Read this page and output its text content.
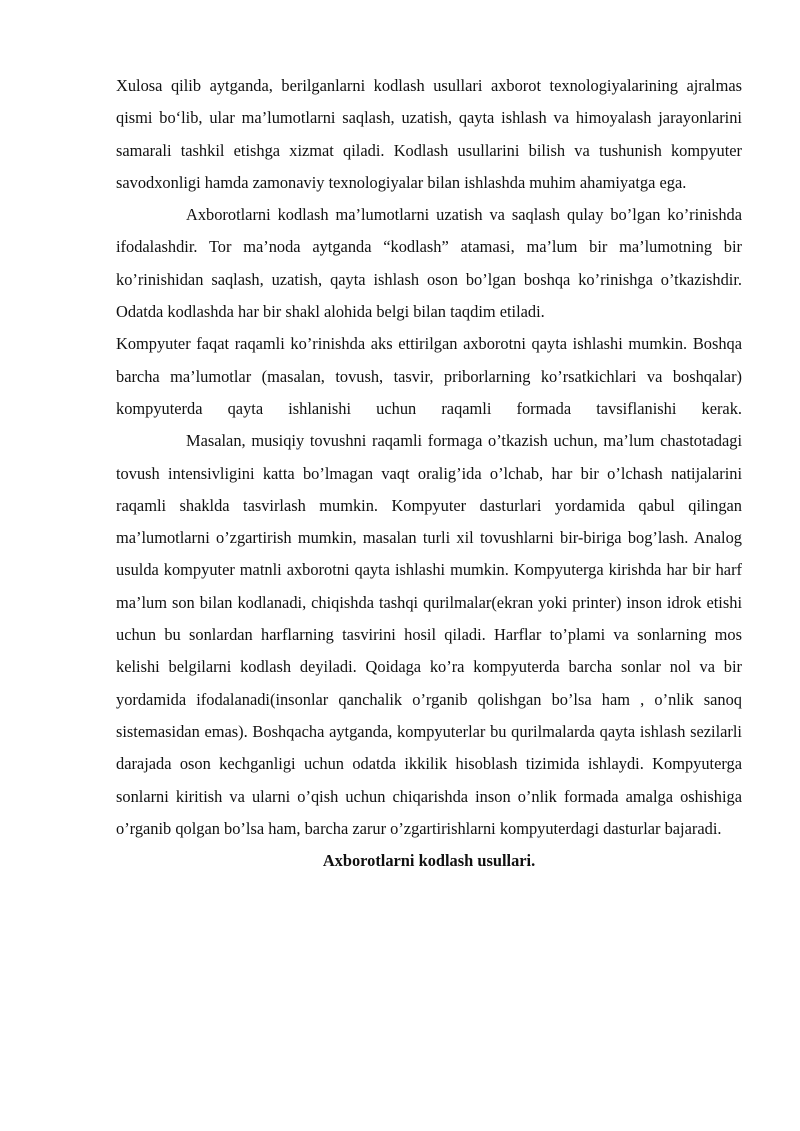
Xulosa qilib aytganda, berilganlarni kodlash usullari axborot texnologiyalarining ajralmas qismi bo‘lib, ular ma’lumotlarni saqlash, uzatish, qayta ishlash va himoyalash jarayonlarini samarali tashkil etishga xizmat qiladi. Kodlash usullarini bilish va tushunish kompyuter savodxonligi hamda zamonaviy texnologiyalar bilan ishlashda muhim ahamiyatga ega.

Axborotlarni kodlash ma’lumotlarni uzatish va saqlash qulay bo’lgan ko’rinishda ifodalashdir. Tor ma’noda aytganda “kodlash” atamasi, ma’lum bir ma’lumotning bir ko’rinishidan saqlash, uzatish, qayta ishlash oson bo’lgan boshqa ko’rinishga o’tkazishdir. Odatda kodlashda har bir shakl alohida belgi bilan taqdim etiladi.

Kompyuter faqat raqamli ko’rinishda aks ettirilgan axborotni qayta ishlashi mumkin. Boshqa barcha ma’lumotlar (masalan, tovush, tasvir, priborlarning ko’rsatkichlari va boshqalar) kompyuterda qayta ishlanishi uchun raqamli formada tavsiflanishi kerak.

Masalan, musiqiy tovushni raqamli formaga o’tkazish uchun, ma’lum chastotadagi tovush intensivligini katta bo’lmagan vaqt oralig’ida o’lchab, har bir o’lchash natijalarini raqamli shaklda tasvirlash mumkin. Kompyuter dasturlari yordamida qabul qilingan ma’lumotlarni o’zgartirish mumkin, masalan turli xil tovushlarni bir-biriga bog’lash. Analog usulda kompyuter matnli axborotni qayta ishlashi mumkin. Kompyuterga kirishda har bir harf ma’lum son bilan kodlanadi, chiqishda tashqi qurilmalar(ekran yoki printer) inson idrok etishi uchun bu sonlardan harflarning tasvirini hosil qiladi. Harflar to’plami va sonlarning mos kelishi belgilarni kodlash deyiladi. Qoidaga ko’ra kompyuterda barcha sonlar nol va bir yordamida ifodalanadi(insonlar qanchalik o’rganib qolishgan bo’lsa ham , o’nlik sanoq sistemasidan emas). Boshqacha aytganda, kompyuterlar bu qurilmalarda qayta ishlash sezilarli darajada oson kechganligi uchun odatda ikkilik hisoblash tizimida ishlaydi. Kompyuterga sonlarni kiritish va ularni o’qish uchun chiqarishda inson o’nlik formada amalga oshishiga o’rganib qolgan bo’lsa ham, barcha zarur o’zgartirishlarni kompyuterdagi dasturlar bajaradi.

Axborotlarni kodlash usullari.
